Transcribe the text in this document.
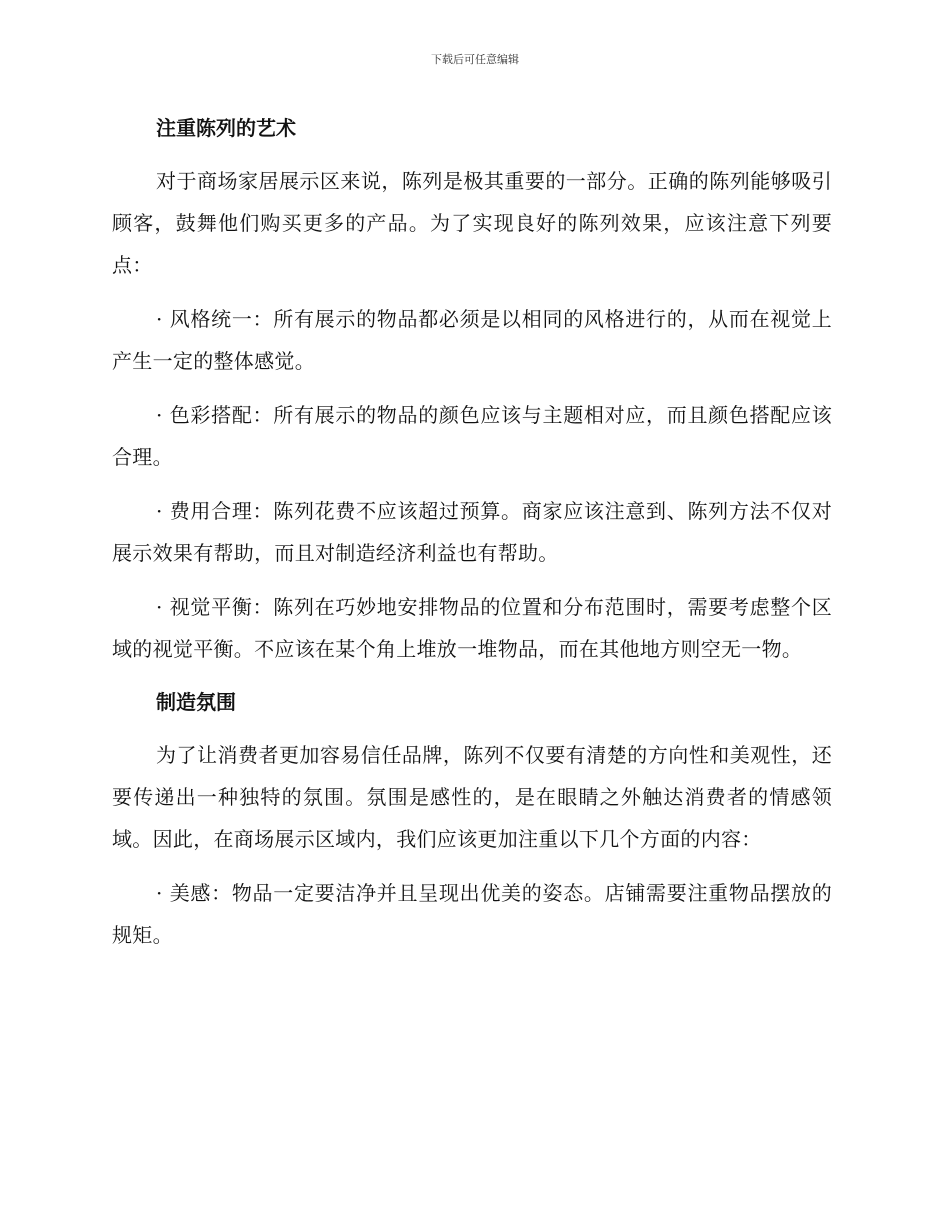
下载后可任意编辑
注重陈列的艺术

对于商场家居展示区来说，陈列是极其重要的一部分。正确的陈列能够吸引顾客，鼓舞他们购买更多的产品。为了实现良好的陈列效果，应该注意下列要点：

· 风格统一：所有展示的物品都必须是以相同的风格进行的，从而在视觉上产生一定的整体感觉。

· 色彩搭配：所有展示的物品的颜色应该与主题相对应，而且颜色搭配应该合理。

· 费用合理：陈列花费不应该超过预算。商家应该注意到、陈列方法不仅对展示效果有帮助，而且对制造经济利益也有帮助。

· 视觉平衡：陈列在巧妙地安排物品的位置和分布范围时，需要考虑整个区域的视觉平衡。不应该在某个角上堆放一堆物品，而在其他地方则空无一物。

制造氛围

为了让消费者更加容易信任品牌，陈列不仅要有清楚的方向性和美观性，还要传递出一种独特的氛围。氛围是感性的，是在眼睛之外触达消费者的情感领域。因此，在商场展示区域内，我们应该更加注重以下几个方面的内容：

· 美感：物品一定要洁净并且呈现出优美的姿态。店铺需要注重物品摆放的规矩。
